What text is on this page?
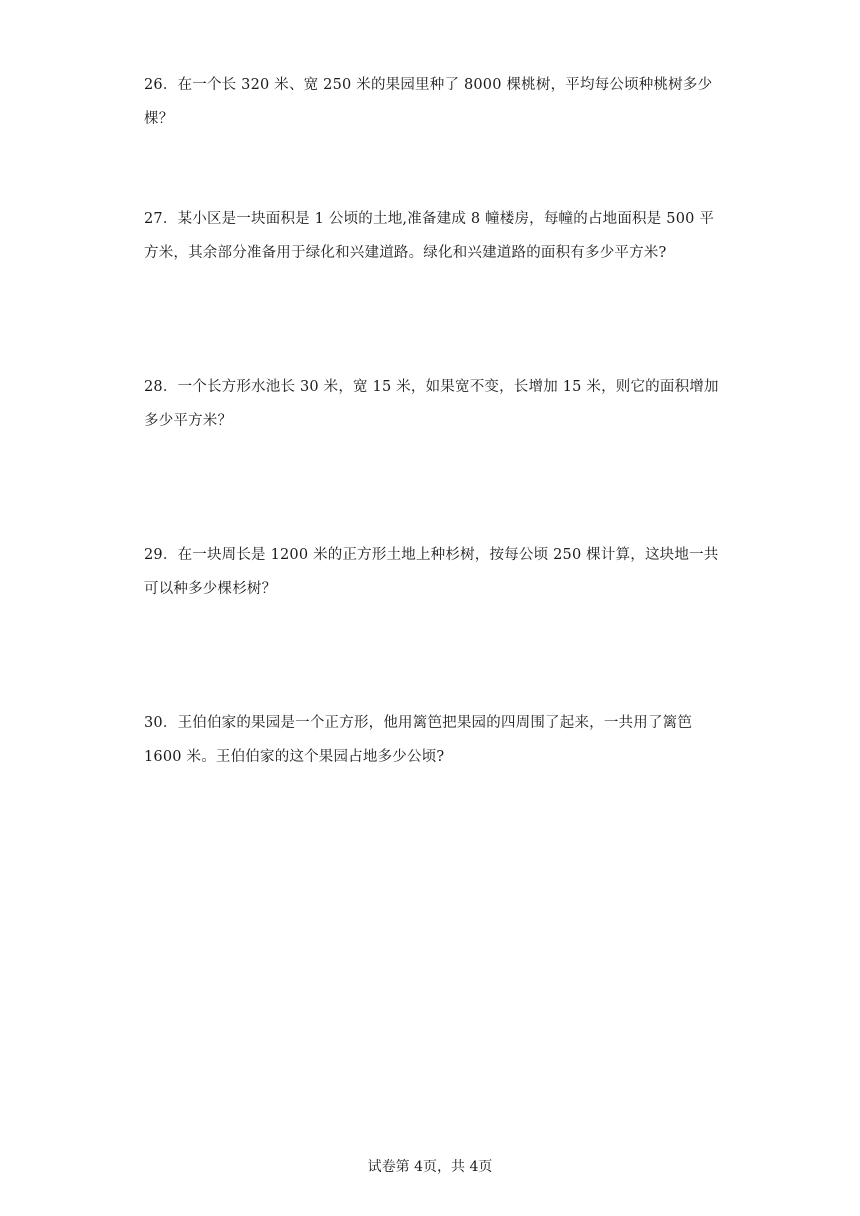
26．在一个长 320 米、宽 250 米的果园里种了 8000 棵桃树，平均每公顷种桃树多少棵？

27．某小区是一块面积是 1 公顷的土地,准备建成 8 幢楼房，每幢的占地面积是 500 平

方米，其余部分准备用于绿化和兴建道路。绿化和兴建道路的面积有多少平方米?

28．一个长方形水池长 30 米，宽 15 米，如果宽不变，长增加 15 米，则它的面积增加

多少平方米？

29．在一块周长是 1200 米的正方形土地上种杉树，按每公顷 250 棵计算，这块地一共

可以种多少棵杉树？

30．王伯伯家的果园是一个正方形，他用篱笆把果园的四周围了起来，一共用了篱笆

1600 米。王伯伯家的这个果园占地多少公顷?

试卷第 4页，共 4页
